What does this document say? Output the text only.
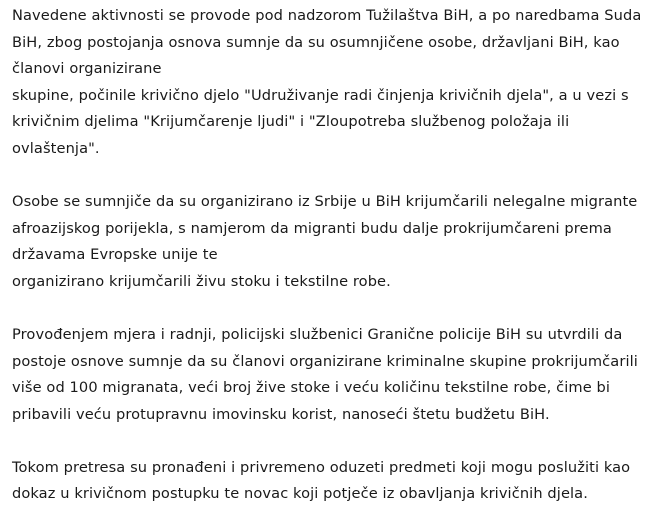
Navedene aktivnosti se provode pod nadzorom Tužilaštva BiH, a po naredbama Suda
BiH, zbog postojanja osnova sumnje da su osumnjičene osobe, državljani BiH, kao
članovi organizirane
skupine, počinile krivično djelo "Udruživanje radi činjenja krivičnih djela", a u vezi s
krivičnim djelima "Krijumčarenje ljudi" i "Zloupotreba službenog položaja ili
ovlaštenja".

Osobe se sumnjiče da su organizirano iz Srbije u BiH krijumčarili nelegalne migrante
afroazijskog porijekla, s namjerom da migranti budu dalje prokrijumčareni prema
državama Evropske unije te
organizirano krijumčarili živu stoku i tekstilne robe.

Provođenjem mjera i radnji, policijski službenici Granične policije BiH su utvrdili da
postoje osnove sumnje da su članovi organizirane kriminalne skupine prokrijumčarili
više od 100 migranata, veći broj žive stoke i veću količinu tekstilne robe, čime bi
pribavili veću protupravnu imovinsku korist, nanoseći štetu budžetu BiH.

Tokom pretresa su pronađeni i privremeno oduzeti predmeti koji mogu poslužiti kao
dokaz u krivičnom postupku te novac koji potječe iz obavljanja krivičnih djela.
